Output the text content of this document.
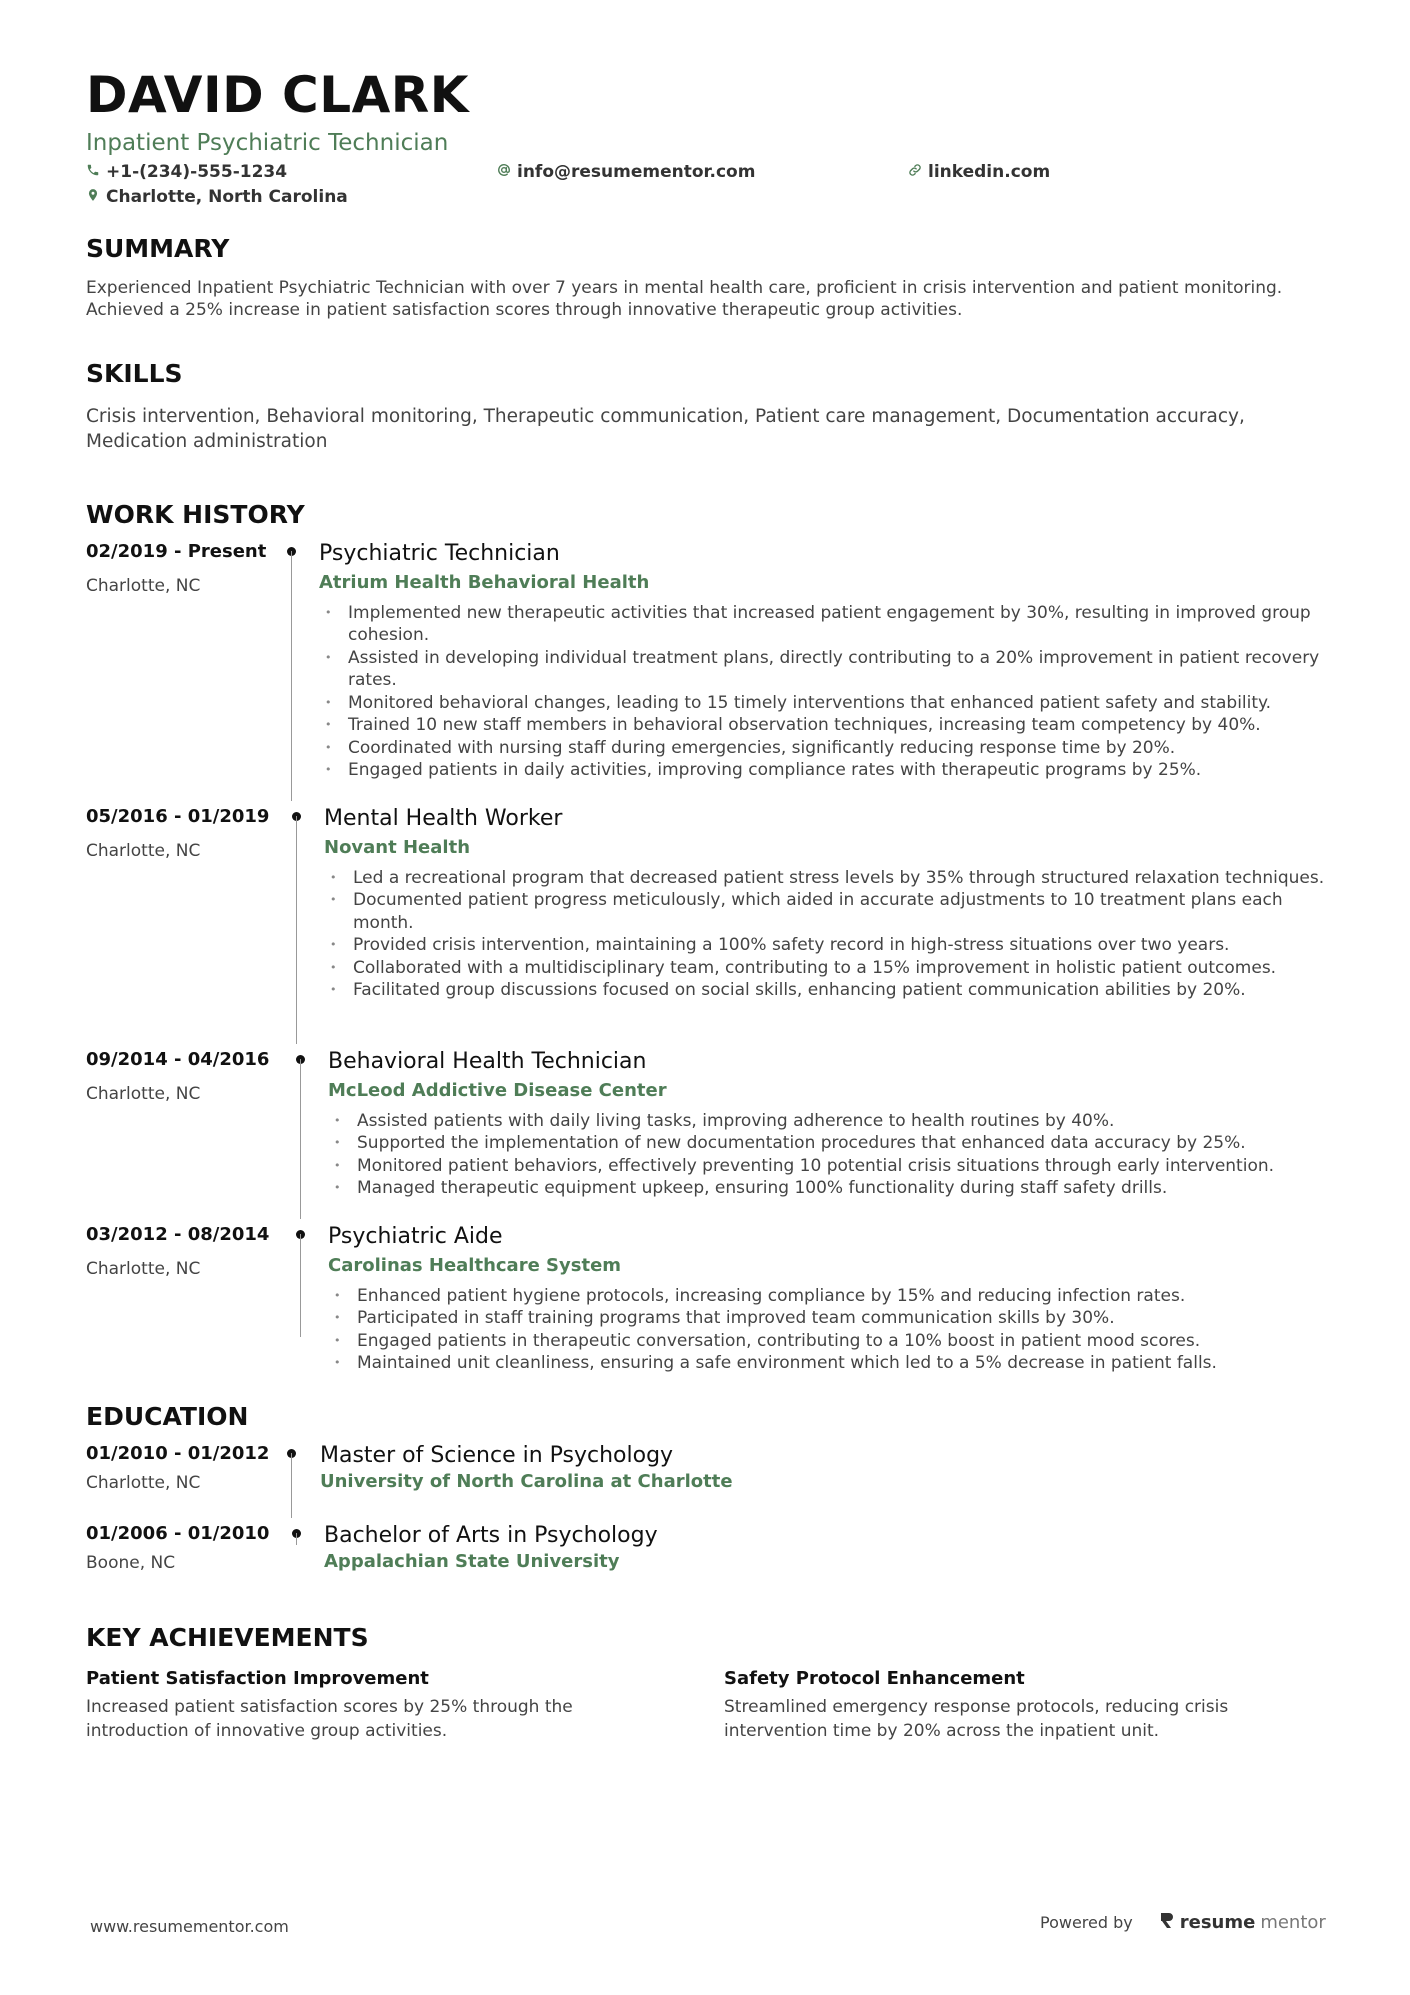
DAVID CLARK
Inpatient Psychiatric Technician
+1-(234)-555-1234	info@resumementor.com	linkedin.com
Charlotte, North Carolina
SUMMARY
Experienced Inpatient Psychiatric Technician with over 7 years in mental health care, proficient in crisis intervention and patient monitoring. Achieved a 25% increase in patient satisfaction scores through innovative therapeutic group activities.
SKILLS
Crisis intervention, Behavioral monitoring, Therapeutic communication, Patient care management, Documentation accuracy, Medication administration
WORK HISTORY
02/2019 - Present
Charlotte, NC
Psychiatric Technician
Atrium Health Behavioral Health
• Implemented new therapeutic activities that increased patient engagement by 30%, resulting in improved group cohesion.
• Assisted in developing individual treatment plans, directly contributing to a 20% improvement in patient recovery rates.
• Monitored behavioral changes, leading to 15 timely interventions that enhanced patient safety and stability.
• Trained 10 new staff members in behavioral observation techniques, increasing team competency by 40%.
• Coordinated with nursing staff during emergencies, significantly reducing response time by 20%.
• Engaged patients in daily activities, improving compliance rates with therapeutic programs by 25%.
05/2016 - 01/2019
Charlotte, NC
Mental Health Worker
Novant Health
• Led a recreational program that decreased patient stress levels by 35% through structured relaxation techniques.
• Documented patient progress meticulously, which aided in accurate adjustments to 10 treatment plans each month.
• Provided crisis intervention, maintaining a 100% safety record in high-stress situations over two years.
• Collaborated with a multidisciplinary team, contributing to a 15% improvement in holistic patient outcomes.
• Facilitated group discussions focused on social skills, enhancing patient communication abilities by 20%.
09/2014 - 04/2016
Charlotte, NC
Behavioral Health Technician
McLeod Addictive Disease Center
• Assisted patients with daily living tasks, improving adherence to health routines by 40%.
• Supported the implementation of new documentation procedures that enhanced data accuracy by 25%.
• Monitored patient behaviors, effectively preventing 10 potential crisis situations through early intervention.
• Managed therapeutic equipment upkeep, ensuring 100% functionality during staff safety drills.
03/2012 - 08/2014
Charlotte, NC
Psychiatric Aide
Carolinas Healthcare System
• Enhanced patient hygiene protocols, increasing compliance by 15% and reducing infection rates.
• Participated in staff training programs that improved team communication skills by 30%.
• Engaged patients in therapeutic conversation, contributing to a 10% boost in patient mood scores.
• Maintained unit cleanliness, ensuring a safe environment which led to a 5% decrease in patient falls.
EDUCATION
01/2010 - 01/2012
Charlotte, NC
Master of Science in Psychology
University of North Carolina at Charlotte
01/2006 - 01/2010
Boone, NC
Bachelor of Arts in Psychology
Appalachian State University
KEY ACHIEVEMENTS
Patient Satisfaction Improvement
Increased patient satisfaction scores by 25% through the introduction of innovative group activities.
Safety Protocol Enhancement
Streamlined emergency response protocols, reducing crisis intervention time by 20% across the inpatient unit.
www.resumementor.com	Powered by	resume mentor
